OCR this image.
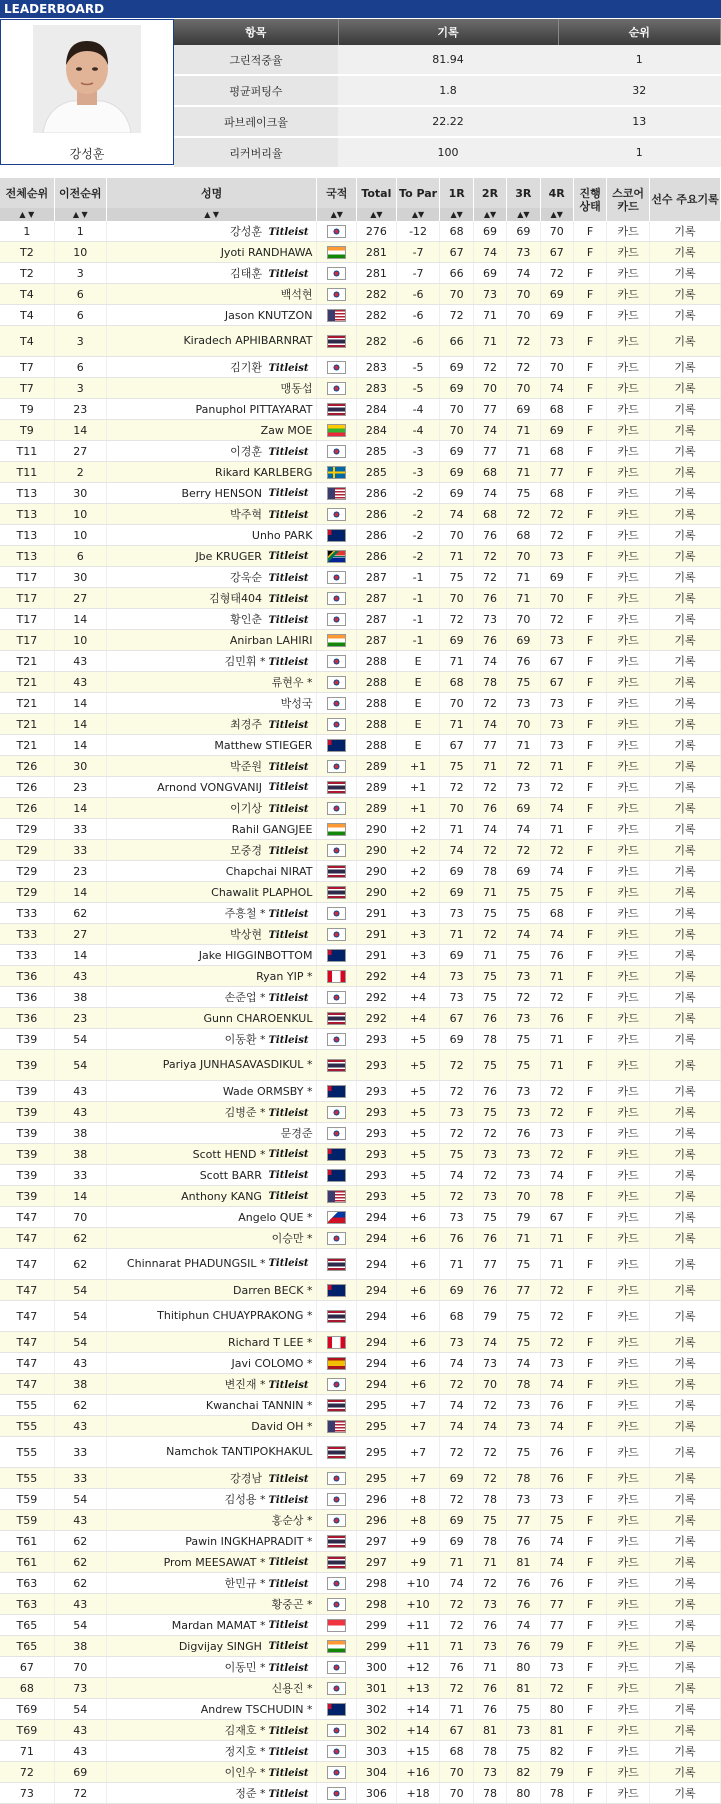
LEADERBOARD
강성훈
항목	기록	순위
그린적중율	81.94	1
평균퍼팅수	1.8	32
파브레이크율	22.22	13
리커버리율	100	1
전체순위	이전순위	성명	국적	Total	To Par	1R	2R	3R	4R	진행 상태	스코어 카드	선수 주요기록
▲ ▼	▲ ▼	▲ ▼	▲▼	▲▼	▲▼	▲▼	▲▼	▲▼	▲▼			
1	1	강성훈 Titleist		276	-12	68	69	69	70	F	카드	기록
T2	10	Jyoti RANDHAWA		281	-7	67	74	73	67	F	카드	기록
T2	3	김태훈 Titleist		281	-7	66	69	74	72	F	카드	기록
T4	6	백석현		282	-6	70	73	70	69	F	카드	기록
T4	6	Jason KNUTZON		282	-6	72	71	70	69	F	카드	기록
T4	3	Kiradech APHIBARNRAT		282	-6	66	71	72	73	F	카드	기록
T7	6	김기환 Titleist		283	-5	69	72	72	70	F	카드	기록
T7	3	맹동섭		283	-5	69	70	70	74	F	카드	기록
T9	23	Panuphol PITTAYARAT		284	-4	70	77	69	68	F	카드	기록
T9	14	Zaw MOE		284	-4	70	74	71	69	F	카드	기록
T11	27	이경훈 Titleist		285	-3	69	77	71	68	F	카드	기록
T11	2	Rikard KARLBERG		285	-3	69	68	71	77	F	카드	기록
T13	30	Berry HENSON Titleist		286	-2	69	74	75	68	F	카드	기록
T13	10	박주혁 Titleist		286	-2	74	68	72	72	F	카드	기록
T13	10	Unho PARK		286	-2	70	76	68	72	F	카드	기록
T13	6	Jbe KRUGER Titleist		286	-2	71	72	70	73	F	카드	기록
T17	30	강욱순 Titleist		287	-1	75	72	71	69	F	카드	기록
T17	27	김형태404 Titleist		287	-1	70	76	71	70	F	카드	기록
T17	14	황인춘 Titleist		287	-1	72	73	70	72	F	카드	기록
T17	10	Anirban LAHIRI		287	-1	69	76	69	73	F	카드	기록
T21	43	김민휘 * Titleist		288	E	71	74	76	67	F	카드	기록
T21	43	류현우 *		288	E	68	78	75	67	F	카드	기록
T21	14	박성국		288	E	70	72	73	73	F	카드	기록
T21	14	최경주 Titleist		288	E	71	74	70	73	F	카드	기록
T21	14	Matthew STIEGER		288	E	67	77	71	73	F	카드	기록
T26	30	박준원 Titleist		289	+1	75	71	72	71	F	카드	기록
T26	23	Arnond VONGVANIJ Titleist		289	+1	72	72	73	72	F	카드	기록
T26	14	이기상 Titleist		289	+1	70	76	69	74	F	카드	기록
T29	33	Rahil GANGJEE		290	+2	71	74	74	71	F	카드	기록
T29	33	모중경 Titleist		290	+2	74	72	72	72	F	카드	기록
T29	23	Chapchai NIRAT		290	+2	69	78	69	74	F	카드	기록
T29	14	Chawalit PLAPHOL		290	+2	69	71	75	75	F	카드	기록
T33	62	주흥철 * Titleist		291	+3	73	75	75	68	F	카드	기록
T33	27	박상현 Titleist		291	+3	71	72	74	74	F	카드	기록
T33	14	Jake HIGGINBOTTOM		291	+3	69	71	75	76	F	카드	기록
T36	43	Ryan YIP *		292	+4	73	75	73	71	F	카드	기록
T36	38	손준업 * Titleist		292	+4	73	75	72	72	F	카드	기록
T36	23	Gunn CHAROENKUL		292	+4	67	76	73	76	F	카드	기록
T39	54	이동환 * Titleist		293	+5	69	78	75	71	F	카드	기록
T39	54	Pariya JUNHASAVASDIKUL *		293	+5	72	75	75	71	F	카드	기록
T39	43	Wade ORMSBY *		293	+5	72	76	73	72	F	카드	기록
T39	43	김병준 * Titleist		293	+5	73	75	73	72	F	카드	기록
T39	38	문경준		293	+5	72	72	76	73	F	카드	기록
T39	38	Scott HEND * Titleist		293	+5	75	73	73	72	F	카드	기록
T39	33	Scott BARR Titleist		293	+5	74	72	73	74	F	카드	기록
T39	14	Anthony KANG Titleist		293	+5	72	73	70	78	F	카드	기록
T47	70	Angelo QUE *		294	+6	73	75	79	67	F	카드	기록
T47	62	이승만 *		294	+6	76	76	71	71	F	카드	기록
T47	62	Chinnarat PHADUNGSIL * Titleist		294	+6	71	77	75	71	F	카드	기록
T47	54	Darren BECK *		294	+6	69	76	77	72	F	카드	기록
T47	54	Thitiphun CHUAYPRAKONG *		294	+6	68	79	75	72	F	카드	기록
T47	54	Richard T LEE *		294	+6	73	74	75	72	F	카드	기록
T47	43	Javi COLOMO *		294	+6	74	73	74	73	F	카드	기록
T47	38	변진재 * Titleist		294	+6	72	70	78	74	F	카드	기록
T55	62	Kwanchai TANNIN *		295	+7	74	72	73	76	F	카드	기록
T55	43	David OH *		295	+7	74	74	73	74	F	카드	기록
T55	33	Namchok TANTIPOKHAKUL		295	+7	72	72	75	76	F	카드	기록
T55	33	강경남 Titleist		295	+7	69	72	78	76	F	카드	기록
T59	54	김성용 * Titleist		296	+8	72	78	73	73	F	카드	기록
T59	43	홍순상 *		296	+8	69	75	77	75	F	카드	기록
T61	62	Pawin INGKHAPRADIT *		297	+9	69	78	76	74	F	카드	기록
T61	62	Prom MEESAWAT * Titleist		297	+9	71	71	81	74	F	카드	기록
T63	62	한민규 * Titleist		298	+10	74	72	76	76	F	카드	기록
T63	43	황중곤 *		298	+10	72	73	76	77	F	카드	기록
T65	54	Mardan MAMAT * Titleist		299	+11	72	76	74	77	F	카드	기록
T65	38	Digvijay SINGH Titleist		299	+11	71	73	76	79	F	카드	기록
67	70	이동민 * Titleist		300	+12	76	71	80	73	F	카드	기록
68	73	신용진 *		301	+13	72	76	81	72	F	카드	기록
T69	54	Andrew TSCHUDIN *		302	+14	71	76	75	80	F	카드	기록
T69	43	김재호 * Titleist		302	+14	67	81	73	81	F	카드	기록
71	43	정지호 * Titleist		303	+15	68	78	75	82	F	카드	기록
72	69	이인우 * Titleist		304	+16	70	73	82	79	F	카드	기록
73	72	정준 * Titleist		306	+18	70	78	80	78	F	카드	기록
